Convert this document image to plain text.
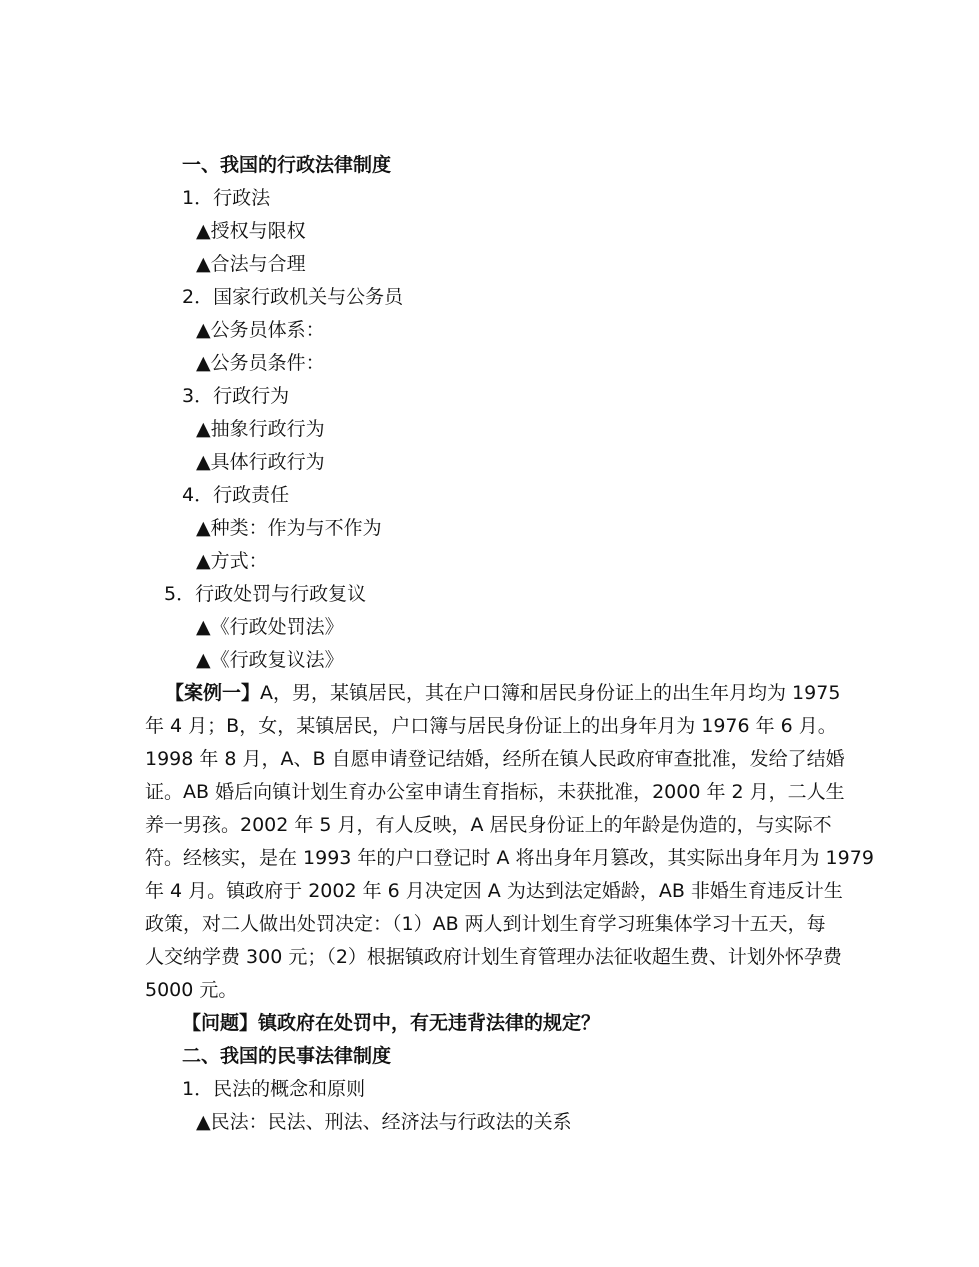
一、我国的行政法律制度
1．行政法
▲授权与限权
▲合法与合理
2．国家行政机关与公务员
▲公务员体系：
▲公务员条件：
3．行政行为
▲抽象行政行为
▲具体行政行为
4．行政责任
▲种类：作为与不作为
▲方式：
5．行政处罚与行政复议
▲《行政处罚法》
▲《行政复议法》
【案例一】A，男，某镇居民，其在户口簿和居民身份证上的出生年月均为 1975
年 4 月；B，女，某镇居民，户口簿与居民身份证上的出身年月为 1976 年 6 月。
1998 年 8 月，A、B 自愿申请登记结婚，经所在镇人民政府审查批准，发给了结婚
证。AB 婚后向镇计划生育办公室申请生育指标，未获批准，2000 年 2 月，二人生
养一男孩。2002 年 5 月，有人反映，A 居民身份证上的年龄是伪造的，与实际不
符。经核实，是在 1993 年的户口登记时 A 将出身年月篡改，其实际出身年月为 1979
年 4 月。镇政府于 2002 年 6 月决定因 A 为达到法定婚龄，AB 非婚生育违反计生
政策，对二人做出处罚决定：（1）AB 两人到计划生育学习班集体学习十五天，每
人交纳学费 300 元；（2）根据镇政府计划生育管理办法征收超生费、计划外怀孕费
5000 元。
【问题】镇政府在处罚中，有无违背法律的规定？
二、我国的民事法律制度
1．民法的概念和原则
▲民法：民法、刑法、经济法与行政法的关系
